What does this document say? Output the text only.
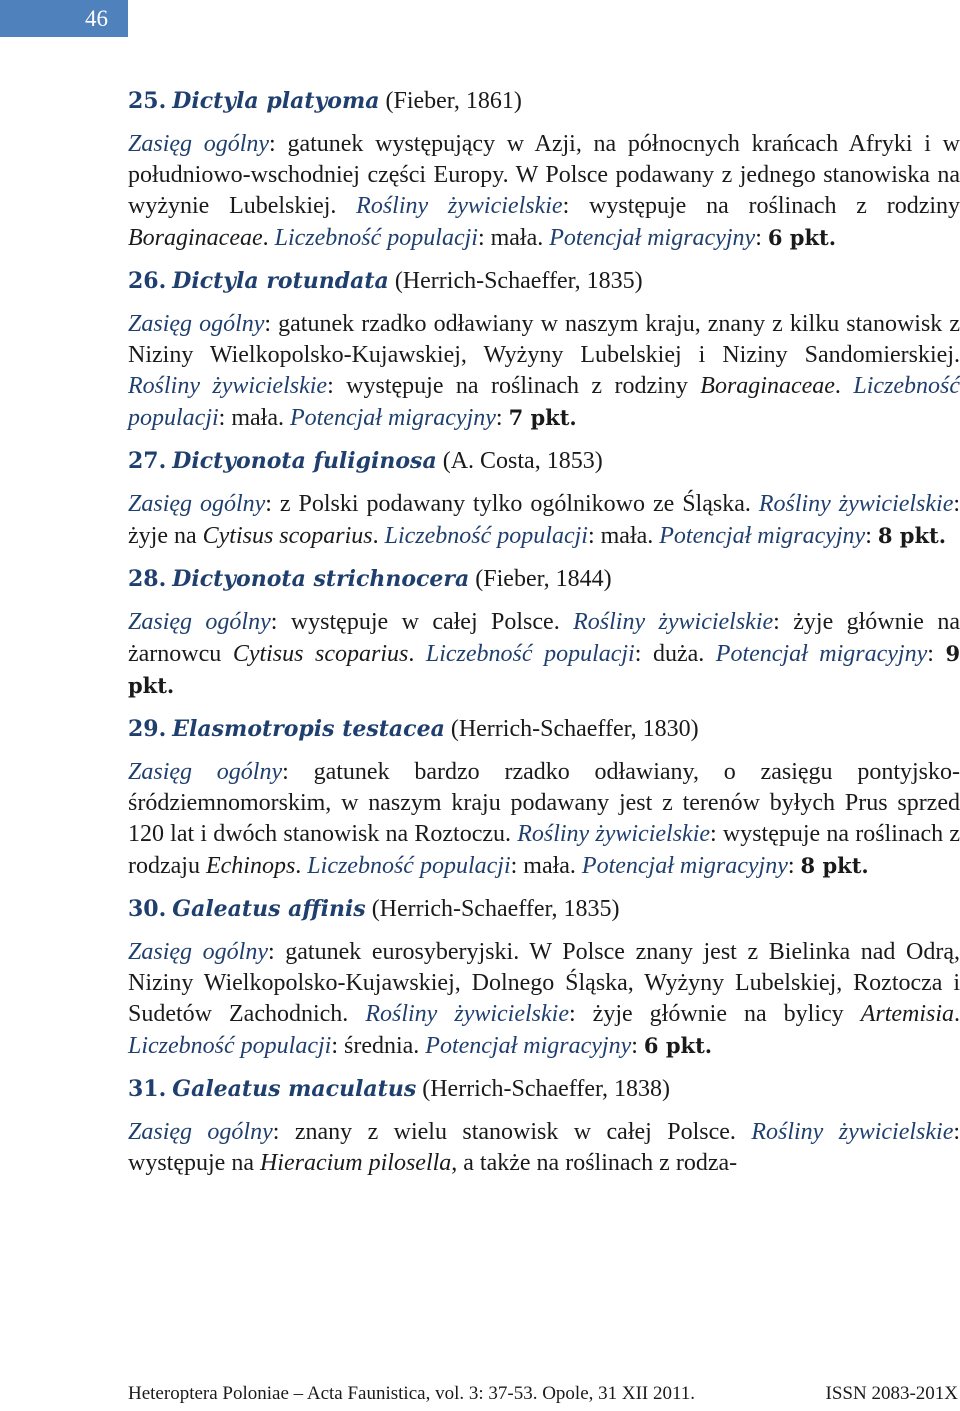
46

25. Dictyla platyoma (Fieber, 1861)

Zasięg ogólny: gatunek występujący w Azji, na północnych krańcach Afryki i w południowo-wschodniej części Europy. W Polsce podawany z jednego stanowiska na wyżynie Lubelskiej. Rośliny żywicielskie: występuje na roślinach z rodziny Boraginaceae. Liczebność populacji: mała. Potencjał migracyjny: 6 pkt.

26. Dictyla rotundata (Herrich-Schaeffer, 1835)

Zasięg ogólny: gatunek rzadko odławiany w naszym kraju, znany z kilku stanowisk z Niziny Wielkopolsko-Kujawskiej, Wyżyny Lubelskiej i Niziny Sandomierskiej. Rośliny żywicielskie: występuje na roślinach z rodziny Boraginaceae. Liczebność populacji: mała. Potencjał migracyjny: 7 pkt.

27. Dictyonota fuliginosa (A. Costa, 1853)

Zasięg ogólny: z Polski podawany tylko ogólnikowo ze Śląska. Rośliny żywicielskie: żyje na Cytisus scoparius. Liczebność populacji: mała. Potencjał migracyjny: 8 pkt.

28. Dictyonota strichnocera (Fieber, 1844)

Zasięg ogólny: występuje w całej Polsce. Rośliny żywicielskie: żyje głównie na żarnowcu Cytisus scoparius. Liczebność populacji: duża. Potencjał migracyjny: 9 pkt.

29. Elasmotropis testacea (Herrich-Schaeffer, 1830)

Zasięg ogólny: gatunek bardzo rzadko odławiany, o zasięgu pontyjsko-śródziemnomorskim, w naszym kraju podawany jest z terenów byłych Prus sprzed 120 lat i dwóch stanowisk na Roztoczu. Rośliny żywicielskie: występuje na roślinach z rodzaju Echinops. Liczebność populacji: mała. Potencjał migracyjny: 8 pkt.

30. Galeatus affinis (Herrich-Schaeffer, 1835)

Zasięg ogólny: gatunek eurosyberyjski. W Polsce znany jest z Bielinka nad Odrą, Niziny Wielkopolsko-Kujawskiej, Dolnego Śląska, Wyżyny Lubelskiej, Roztocza i Sudetów Zachodnich. Rośliny żywicielskie: żyje głównie na bylicy Artemisia. Liczebność populacji: średnia. Potencjał migracyjny: 6 pkt.

31. Galeatus maculatus (Herrich-Schaeffer, 1838)

Zasięg ogólny: znany z wielu stanowisk w całej Polsce. Rośliny żywicielskie: występuje na Hieracium pilosella, a także na roślinach z rodza-

Heteroptera Poloniae – Acta Faunistica, vol. 3: 37-53. Opole, 31 XII 2011.	ISSN 2083-201X
